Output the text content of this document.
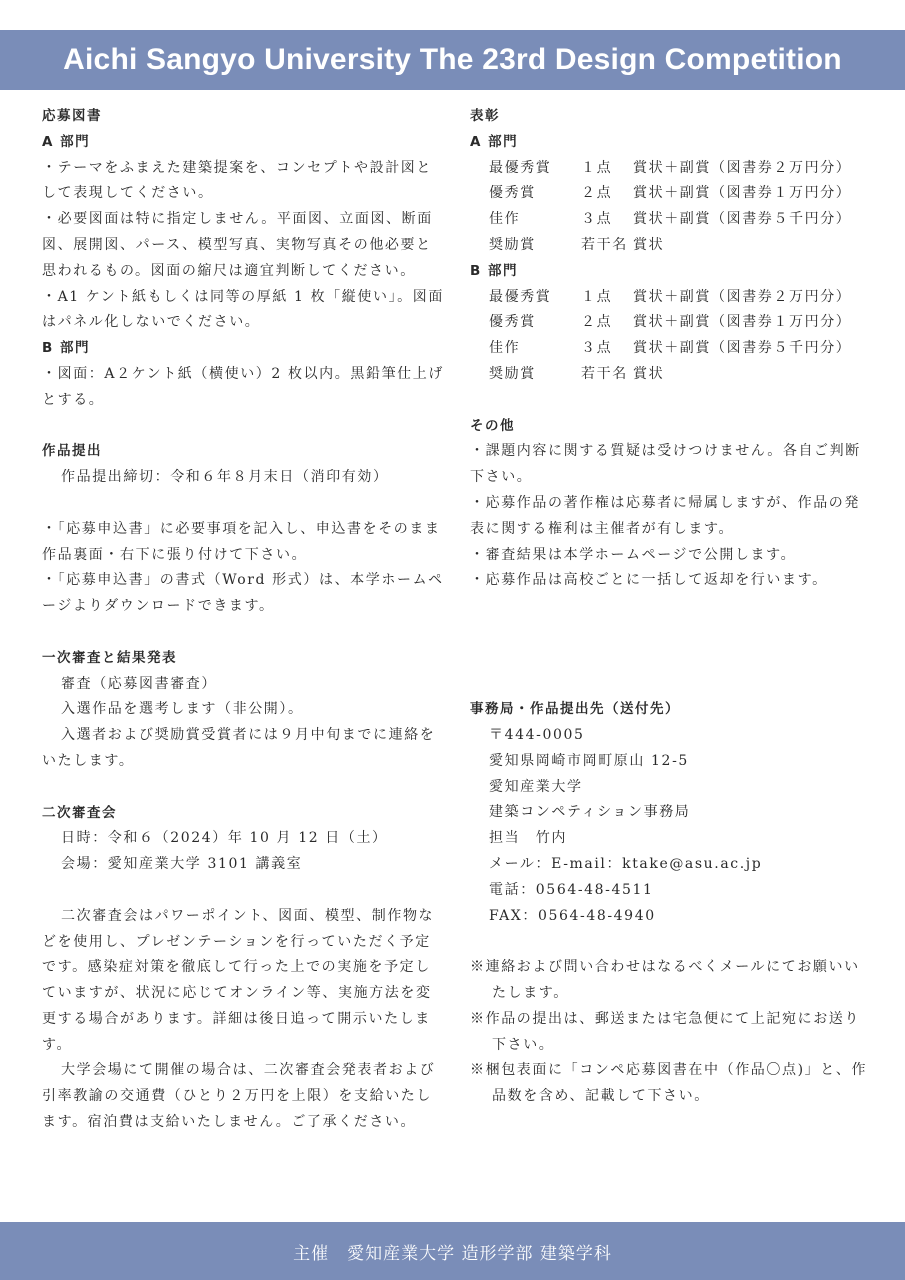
Aichi Sangyo University The 23rd Design Competition
応募図書
A 部門
・テーマをふまえた建築提案を、コンセプトや設計図として表現してください。
・必要図面は特に指定しません。平面図、立面図、断面図、展開図、パース、模型写真、実物写真その他必要と思われるもの。図面の縮尺は適宜判断してください。
・A1 ケント紙もしくは同等の厚紙 1 枚「縦使い」。図面はパネル化しないでください。
B 部門
・図面：A２ケント紙（横使い）2 枚以内。黒鉛筆仕上げとする。
作品提出
作品提出締切：令和６年８月末日（消印有効）
・「応募申込書」に必要事項を記入し、申込書をそのまま作品裏面・右下に張り付けて下さい。
・「応募申込書」の書式（Word 形式）は、本学ホームページよりダウンロードできます。
一次審査と結果発表
審査（応募図書審査）
入選作品を選考します（非公開）。
入選者および奨励賞受賞者には９月中旬までに連絡をいたします。
二次審査会
日時：令和６（2024）年 10 月 12 日（土）
会場：愛知産業大学 3101 講義室
二次審査会はパワーポイント、図面、模型、制作物などを使用し、プレゼンテーションを行っていただく予定です。感染症対策を徹底して行った上での実施を予定していますが、状況に応じてオンライン等、実施方法を変更する場合があります。詳細は後日追って開示いたします。
大学会場にて開催の場合は、二次審査会発表者および引率教諭の交通費（ひとり２万円を上限）を支給いたします。宿泊費は支給いたしません。ご了承ください。
表彰
A 部門
最優秀賞	１点	賞状＋副賞（図書券２万円分）
優秀賞	２点	賞状＋副賞（図書券１万円分）
佳作	３点	賞状＋副賞（図書券５千円分）
奨励賞	若干名 賞状
B 部門
最優秀賞	１点	賞状＋副賞（図書券２万円分）
優秀賞	２点	賞状＋副賞（図書券１万円分）
佳作	３点	賞状＋副賞（図書券５千円分）
奨励賞	若干名 賞状
その他
・課題内容に関する質疑は受けつけません。各自ご判断下さい。
・応募作品の著作権は応募者に帰属しますが、作品の発表に関する権利は主催者が有します。
・審査結果は本学ホームページで公開します。
・応募作品は高校ごとに一括して返却を行います。
事務局・作品提出先（送付先）
〒444-0005
愛知県岡崎市岡町原山 12-5
愛知産業大学
建築コンペティション事務局
担当　竹内
メール：E-mail：ktake@asu.ac.jp
電話：0564-48-4511
FAX：0564-48-4940
※連絡および問い合わせはなるべくメールにてお願いいたします。
※作品の提出は、郵送または宅急便にて上記宛にお送り下さい。
※梱包表面に「コンペ応募図書在中（作品〇点)」と、作品数を含め、記載して下さい。
主催　愛知産業大学 造形学部 建築学科
